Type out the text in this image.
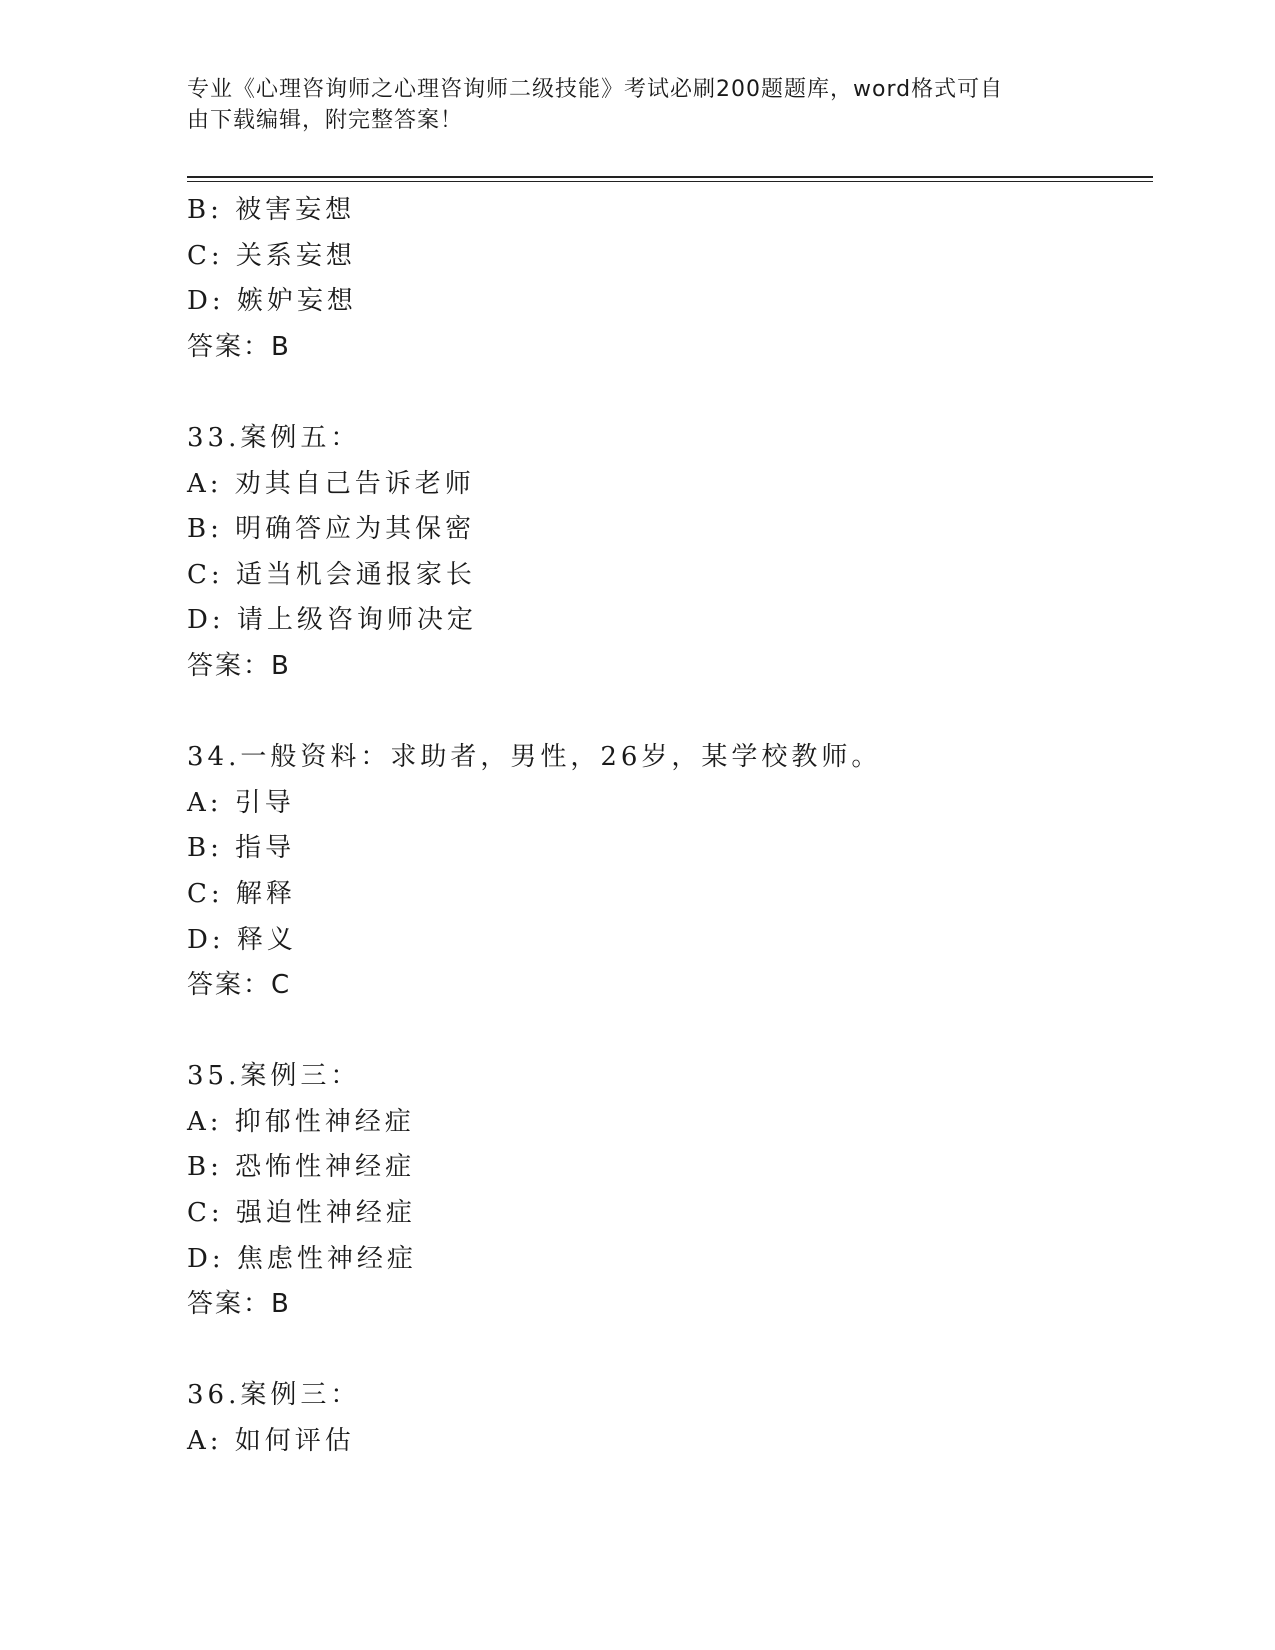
专业《心理咨询师之心理咨询师二级技能》考试必刷200题题库，word格式可自
由下载编辑，附完整答案！
B: 被害妄想
C: 关系妄想
D: 嫉妒妄想
答案：B
33.案例五：
A: 劝其自己告诉老师
B: 明确答应为其保密
C: 适当机会通报家长
D: 请上级咨询师决定
答案：B
34.一般资料：求助者，男性，26岁，某学校教师。
A: 引导
B: 指导
C: 解释
D: 释义
答案：C
35.案例三：
A: 抑郁性神经症
B: 恐怖性神经症
C: 强迫性神经症
D: 焦虑性神经症
答案：B
36.案例三：
A: 如何评估
